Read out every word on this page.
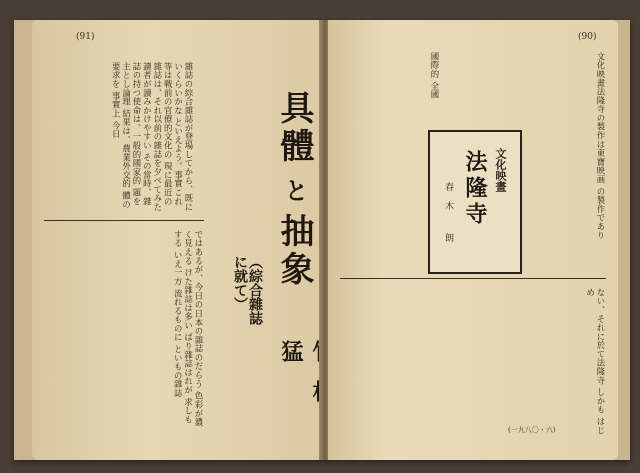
(91)
雜誌の綜合雜誌が登場してから、既にいくらいかな といえよう。事實これ等は戦前の官僚的文化の 現に最近の雜誌は、それ以前の雜誌を夕べてみた 讀者が讀みかけやすい その當時、雜誌の持つ使命は、一般的國家的 題を主とし論理 結果は、農業外交的 體の要求を 事實上 今日
ではあるが、今日の日本の雜誌のだらう 色彩が濃く見える けた雜誌は多い ばり雜誌はれが 求しもする いえ一方 流れるものに といもの雜誌
具體 と 抽象
（綜合雜誌に就て）
猛
(90)
文化映畫法隆寺の製作は東寶映画 の製作であり
國際的 全國
文化映畫
法隆寺
春木 朗
ない、それに於て法隆寺 しかも はじめ
(一九八〇・六)
